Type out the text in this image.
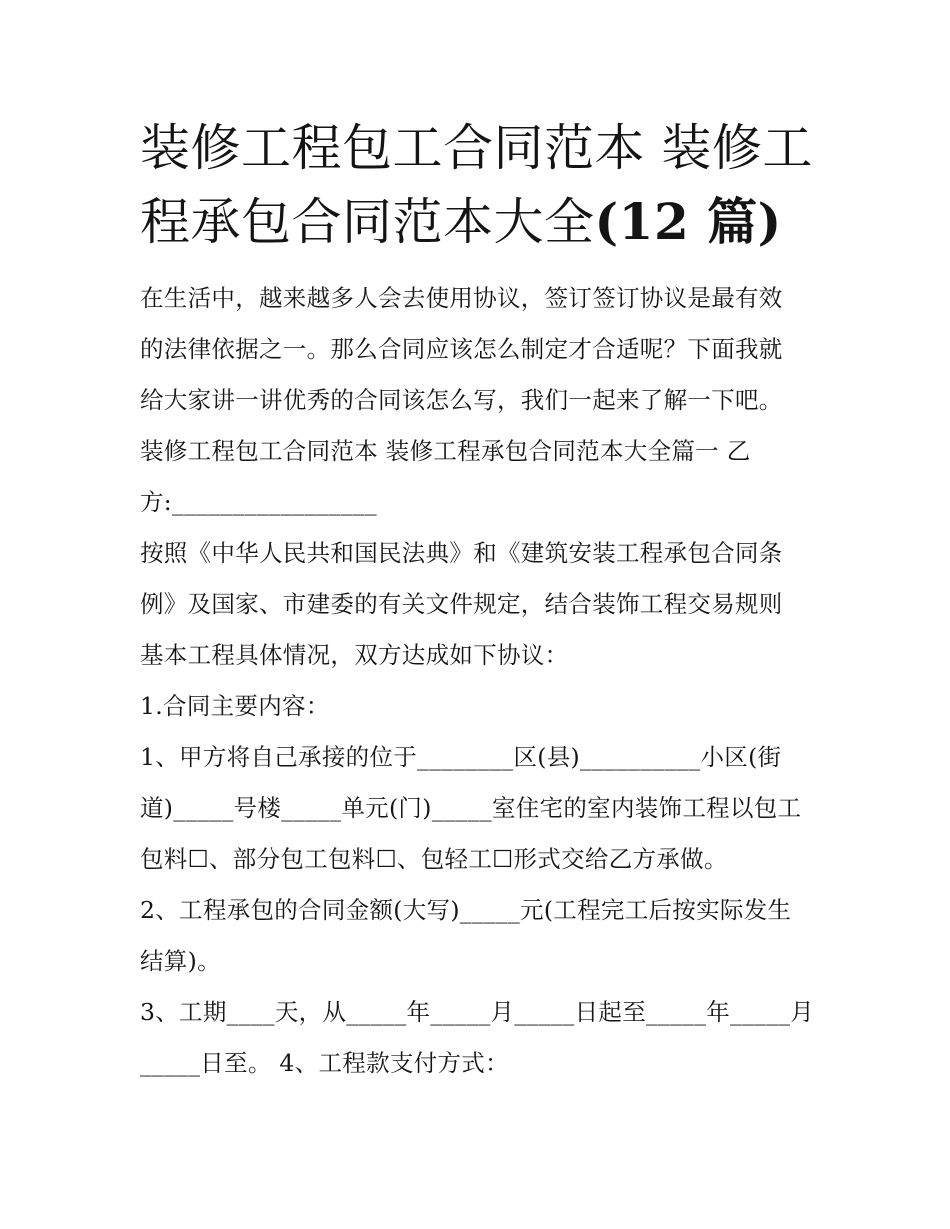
装修工程包工合同范本 装修工
程承包合同范本大全(12 篇)
在生活中，越来越多人会去使用协议，签订签订协议是最有效
的法律依据之一。那么合同应该怎么制定才合适呢？下面我就
给大家讲一讲优秀的合同该怎么写，我们一起来了解一下吧。
装修工程包工合同范本 装修工程承包合同范本大全篇一 乙
方:_________________
按照《中华人民共和国民法典》和《建筑安装工程承包合同条
例》及国家、市建委的有关文件规定，结合装饰工程交易规则
基本工程具体情况，双方达成如下协议：
1.合同主要内容：
1、甲方将自己承接的位于________区(县)__________小区(街
道)_____号楼_____单元(门)_____室住宅的室内装饰工程以包工
包料☐、部分包工包料☐、包轻工☐形式交给乙方承做。
2、工程承包的合同金额(大写)_____元(工程完工后按实际发生
结算)。
3、工期____天，从_____年_____月_____日起至_____年_____月
_____日至。 4、工程款支付方式：
